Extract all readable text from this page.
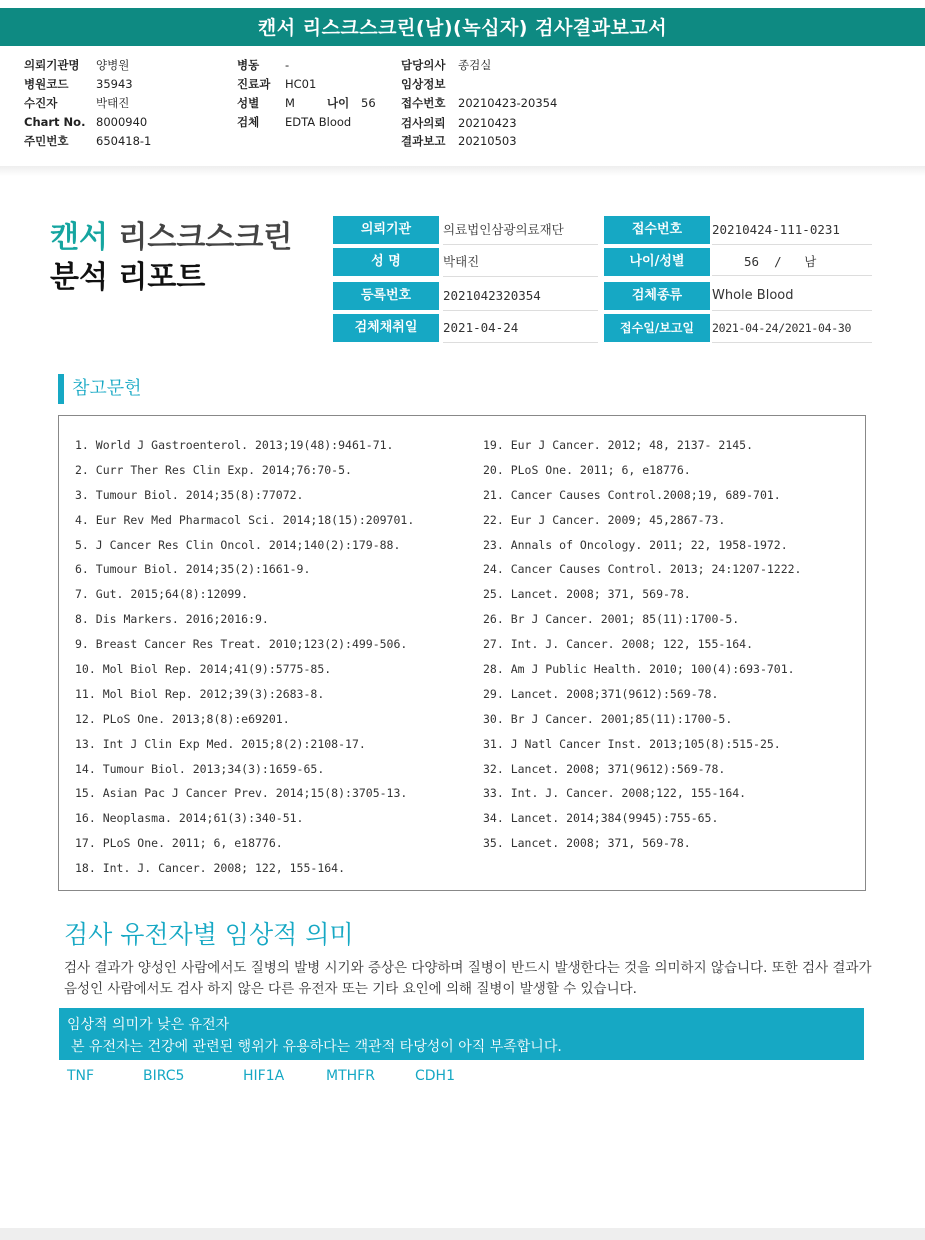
캔서 리스크스크린(남)(녹십자) 검사결과보고서
의뢰기관명 양병원
병원코드 35943
수진자	박태진
Chart No. 8000940
주민번호 650418-1
병동 -
진료과 HC01
성별 M	나이 56
검체 EDTA Blood
담당의사 종검실
임상정보
접수번호 20210423-20354
검사의뢰 20210423
결과보고 20210503
캔서 리스크스크린
분석 리포트
의뢰기관	의료법인삼광의료재단
성 명	박태진
등록번호	2021042320354
검체채취일	2021-04-24
접수번호	20210424-111-0231
나이/성별	56  /   남
검체종류	Whole Blood
접수일/보고일	2021-04-24/2021-04-30
참고문헌
1. World J Gastroenterol. 2013;19(48):9461-71.
2. Curr Ther Res Clin Exp. 2014;76:70-5.
3. Tumour Biol. 2014;35(8):77072.
4. Eur Rev Med Pharmacol Sci. 2014;18(15):209701.
5. J Cancer Res Clin Oncol. 2014;140(2):179-88.
6. Tumour Biol. 2014;35(2):1661-9.
7. Gut. 2015;64(8):12099.
8. Dis Markers. 2016;2016:9.
9. Breast Cancer Res Treat. 2010;123(2):499-506.
10. Mol Biol Rep. 2014;41(9):5775-85.
11. Mol Biol Rep. 2012;39(3):2683-8.
12. PLoS One. 2013;8(8):e69201.
13. Int J Clin Exp Med. 2015;8(2):2108-17.
14. Tumour Biol. 2013;34(3):1659-65.
15. Asian Pac J Cancer Prev. 2014;15(8):3705-13.
16. Neoplasma. 2014;61(3):340-51.
17. PLoS One. 2011; 6, e18776.
18. Int. J. Cancer. 2008; 122, 155-164.
19. Eur J Cancer. 2012; 48, 2137- 2145.
20. PLoS One. 2011; 6, e18776.
21. Cancer Causes Control.2008;19, 689-701.
22. Eur J Cancer. 2009; 45,2867-73.
23. Annals of Oncology. 2011; 22, 1958-1972.
24. Cancer Causes Control. 2013; 24:1207-1222.
25. Lancet. 2008; 371, 569-78.
26. Br J Cancer. 2001; 85(11):1700-5.
27. Int. J. Cancer. 2008; 122, 155-164.
28. Am J Public Health. 2010; 100(4):693-701.
29. Lancet. 2008;371(9612):569-78.
30. Br J Cancer. 2001;85(11):1700-5.
31. J Natl Cancer Inst. 2013;105(8):515-25.
32. Lancet. 2008; 371(9612):569-78.
33. Int. J. Cancer. 2008;122, 155-164.
34. Lancet. 2014;384(9945):755-65.
35. Lancet. 2008; 371, 569-78.
검사 유전자별 임상적 의미
검사 결과가 양성인 사람에서도 질병의 발병 시기와 증상은 다양하며 질병이 반드시 발생한다는 것을 의미하지 않습니다. 또한 검사 결과가 음성인 사람에서도 검사 하지 않은 다른 유전자 또는 기타 요인에 의해 질병이 발생할 수 있습니다.
임상적 의미가 낮은 유전자
본 유전자는 건강에 관련된 행위가 유용하다는 객관적 타당성이 아직 부족합니다.
TNF	BIRC5	HIF1A	MTHFR	CDH1
